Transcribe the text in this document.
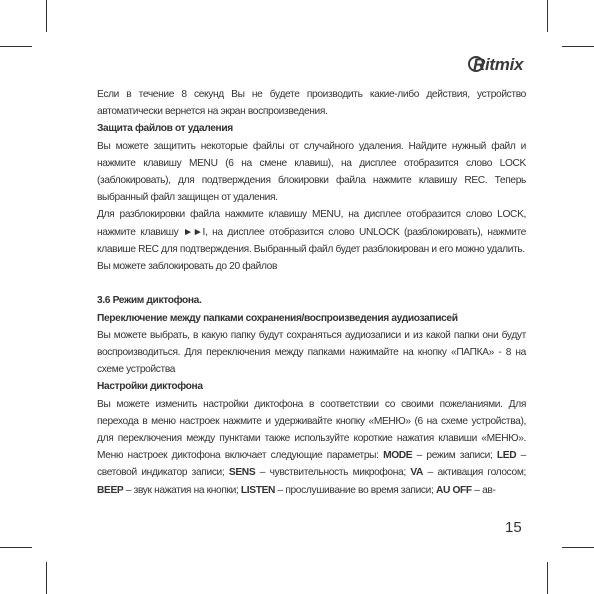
Ritmix

Если в течение 8 секунд Вы не будете производить какие-либо действия, устройство автоматически вернется на экран воспроизведения.

Защита файлов от удаления

Вы можете защитить некоторые файлы от случайного удаления. Найдите нужный файл и нажмите клавишу MENU (6 на смене клавиш), на дисплее отобразится слово LOCK (заблокировать), для подтверждения блокировки файла нажмите клавишу REC. Теперь выбранный файл защищен от удаления.

Для разблокировки файла нажмите клавишу MENU, на дисплее отобразится слово LOCK, нажмите клавишу ►►I, на дисплее отобразится слово UNLOCK (разблокировать), нажмите клавише REC для подтверждения. Выбранный файл будет разблокирован и его можно удалить.

Вы можете заблокировать до 20 файлов

3.6 Режим диктофона.

Переключение между папками сохранения/воспроизведения аудиозаписей

Вы можете выбрать, в какую папку будут сохраняться аудиозаписи и из какой папки они будут воспроизводиться. Для переключения между папками нажимайте на кнопку «ПАПКА» - 8 на схеме устройства

Настройки диктофона

Вы можете изменить настройки диктофона в соответствии со своими пожеланиями. Для перехода в меню настроек нажмите и удерживайте кнопку «МЕНЮ» (6 на схеме устройства), для переключения между пунктами также используйте короткие нажатия клавиши «МЕНЮ». Меню настроек диктофона включает следующие параметры: MODE – режим записи; LED – световой индикатор записи; SENS – чувствительность микрофона; VA – активация голосом; BEEP – звук нажатия на кнопки; LISTEN – прослушивание во время записи; AU OFF – ав-

15
